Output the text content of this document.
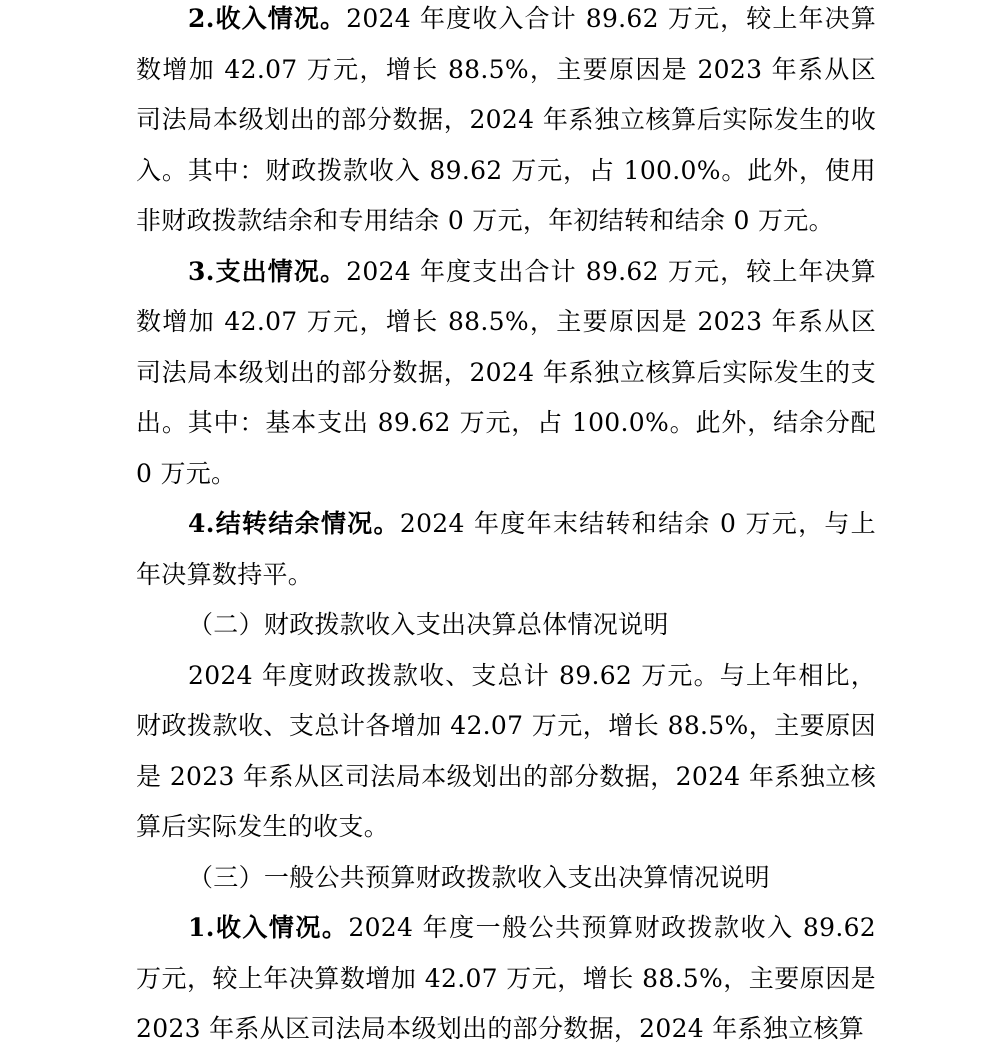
2.收入情况。2024 年度收入合计 89.62 万元，较上年决算数增加 42.07 万元，增长 88.5%，主要原因是 2023 年系从区司法局本级划出的部分数据，2024 年系独立核算后实际发生的收入。其中：财政拨款收入 89.62 万元，占 100.0%。此外，使用非财政拨款结余和专用结余 0 万元，年初结转和结余 0 万元。

3.支出情况。2024 年度支出合计 89.62 万元，较上年决算数增加 42.07 万元，增长 88.5%，主要原因是 2023 年系从区司法局本级划出的部分数据，2024 年系独立核算后实际发生的支出。其中：基本支出 89.62 万元，占 100.0%。此外，结余分配 0 万元。

4.结转结余情况。2024 年度年末结转和结余 0 万元，与上年决算数持平。

（二）财政拨款收入支出决算总体情况说明

2024 年度财政拨款收、支总计 89.62 万元。与上年相比，财政拨款收、支总计各增加 42.07 万元，增长 88.5%，主要原因是 2023 年系从区司法局本级划出的部分数据，2024 年系独立核算后实际发生的收支。

（三）一般公共预算财政拨款收入支出决算情况说明

1.收入情况。2024 年度一般公共预算财政拨款收入 89.62 万元，较上年决算数增加 42.07 万元，增长 88.5%，主要原因是 2023 年系从区司法局本级划出的部分数据，2024 年系独立核算
